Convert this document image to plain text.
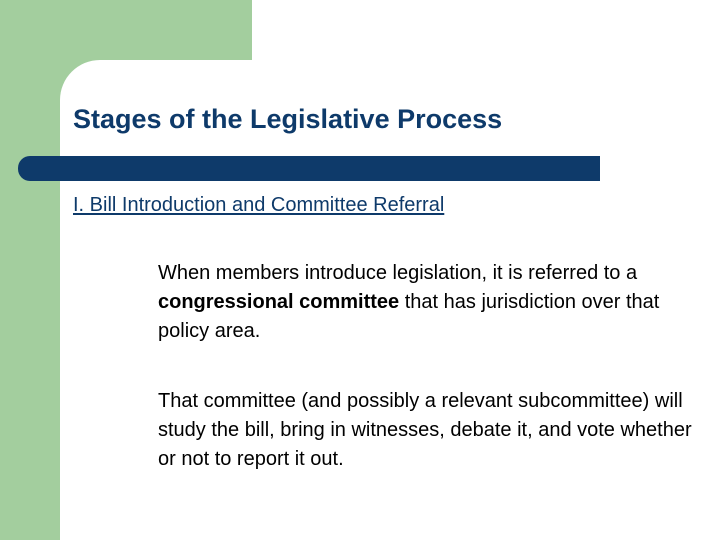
Stages of the Legislative Process
I. Bill Introduction and Committee Referral
When members introduce legislation, it is referred to a congressional committee that has jurisdiction over that policy area.
That committee (and possibly a relevant subcommittee) will study the bill, bring in witnesses, debate it, and vote whether or not to report it out.
